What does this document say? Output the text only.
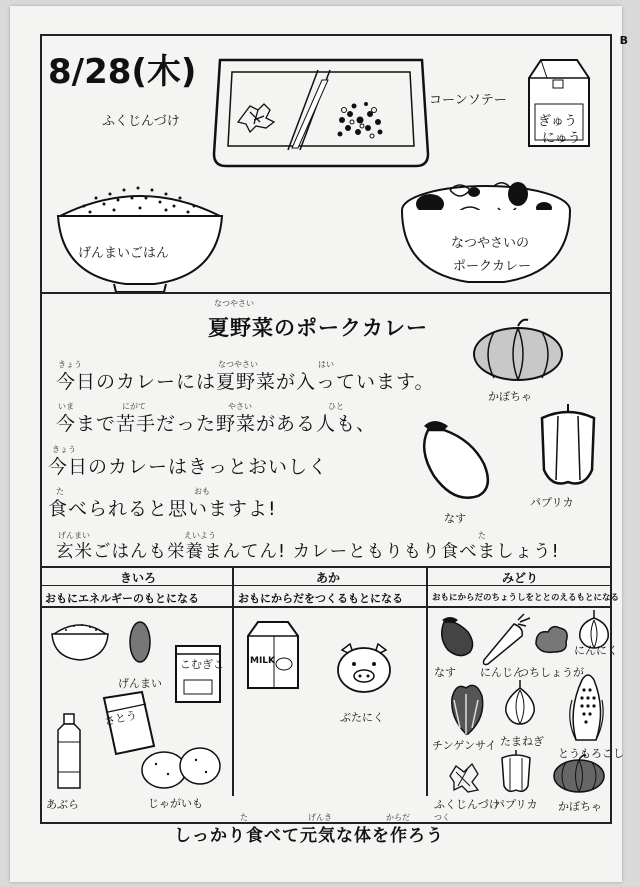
8/28(木)
B
ふくじんづけ
コーンソテー
ぎゅう
にゅう
げんまいごはん
なつやさいの
ポークカレー
なつやさい
夏野菜のポークカレー
きょう	なつやさい	はい
今日のカレーには夏野菜が入っています。
いま	にがて	やさい	ひと
今まで苦手だった野菜がある人も、
きょう
今日のカレーはきっとおいしく
た	おも
食べられると思いますよ!
げんまい	えいよう	た
玄米ごはんも栄養まんてん! カレーともりもり食べましょう!
かぼちゃ
なす
パプリカ
きいろ	あか	みどり
おもにエネルギーのもとになる	おもにからだをつくるもとになる	おもにからだのちょうしをととのえるもとになる
げんまい
こむぎこ
さとう
あぶら	じゃがいも
MILK
ぶたにく
なす にんじん
つちしょうが
にんにく
チンゲンサイ たまねぎ
とうもろこし
ふくじんづけ
パプリカ かぼちゃ
た	げんき	からだ	つく
しっかり食べて元気な体を作ろう
